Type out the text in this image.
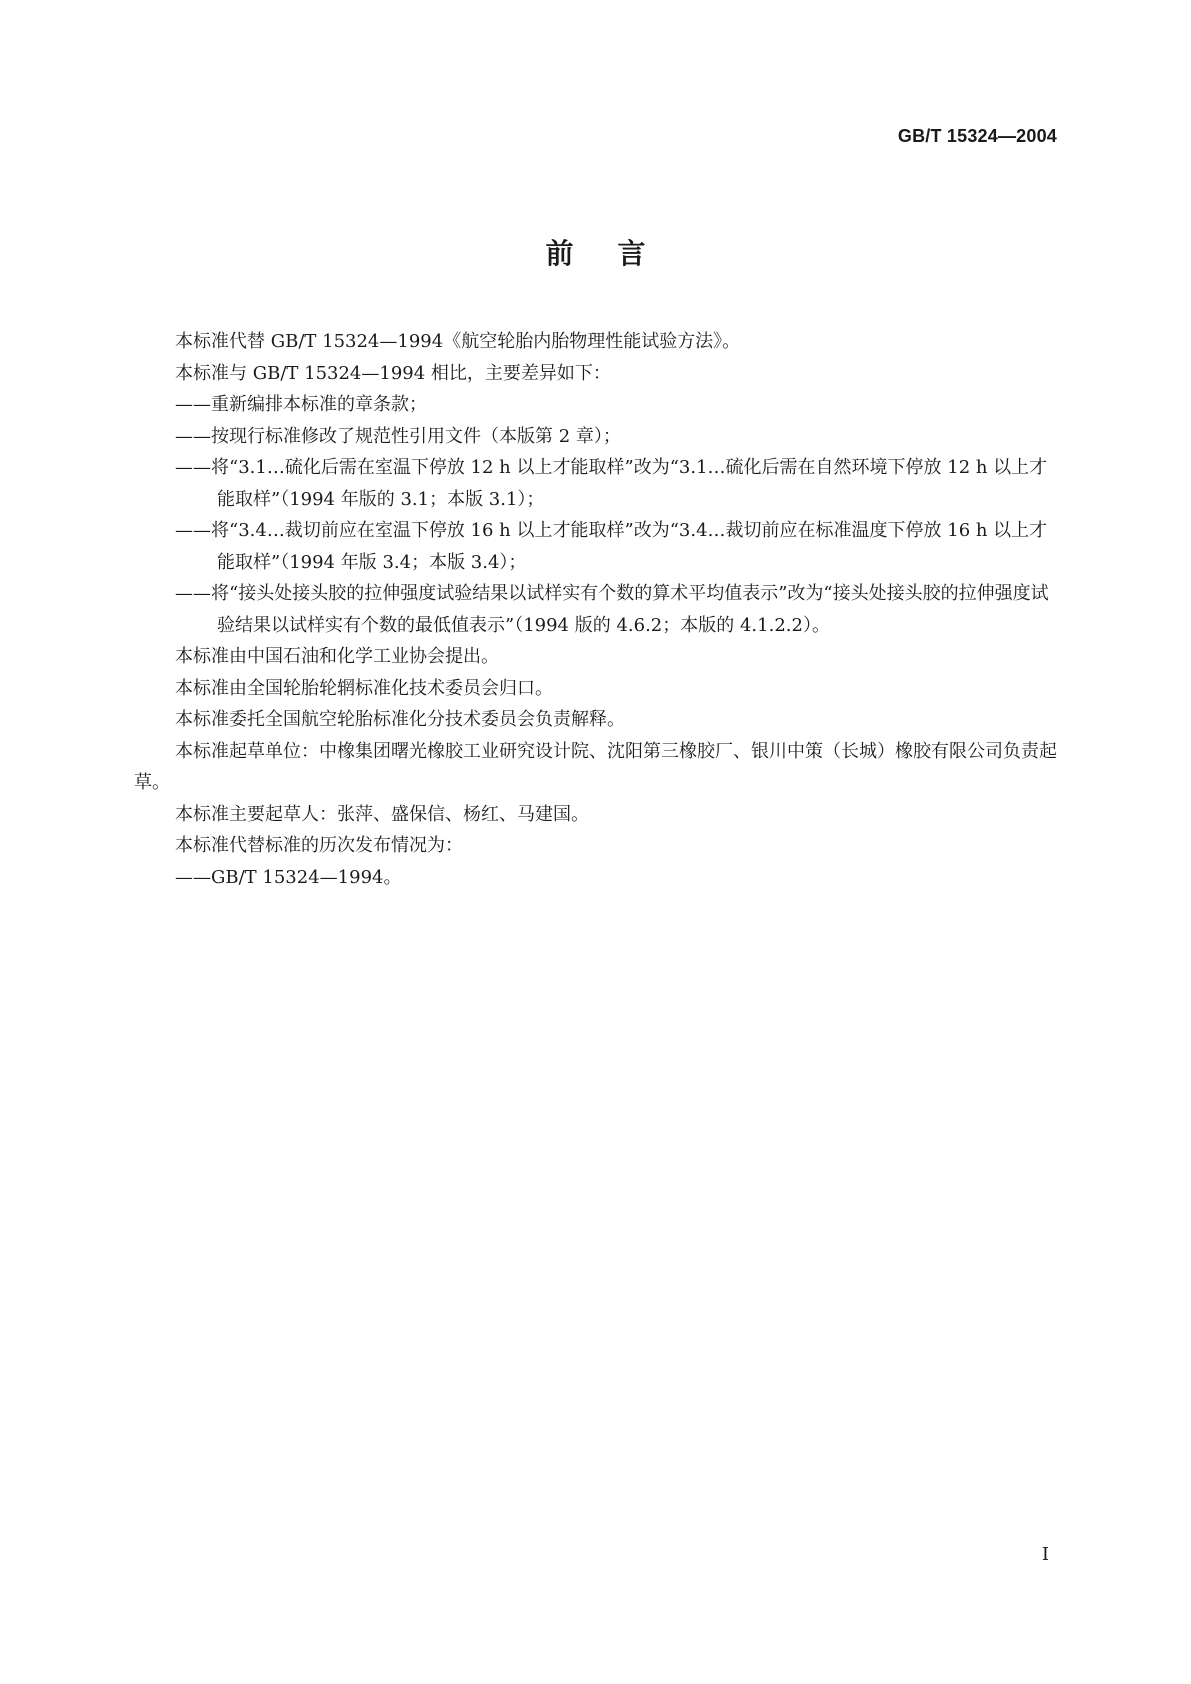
GB/T 15324—2004
前言

本标准代替 GB/T 15324—1994《航空轮胎内胎物理性能试验方法》。

本标准与 GB/T 15324—1994 相比，主要差异如下：

——重新编排本标准的章条款；

——按现行标准修改了规范性引用文件（本版第 2 章）；

——将“3.1…硫化后需在室温下停放 12 h 以上才能取样”改为“3.1…硫化后需在自然环境下停放 12 h 以上才能取样”（1994 年版的 3.1；本版 3.1）；

——将“3.4…裁切前应在室温下停放 16 h 以上才能取样”改为“3.4…裁切前应在标准温度下停放 16 h 以上才能取样”（1994 年版 3.4；本版 3.4）；

——将“接头处接头胶的拉伸强度试验结果以试样实有个数的算术平均值表示”改为“接头处接头胶的拉伸强度试验结果以试样实有个数的最低值表示”（1994 版的 4.6.2；本版的 4.1.2.2）。

本标准由中国石油和化学工业协会提出。

本标准由全国轮胎轮辋标准化技术委员会归口。

本标准委托全国航空轮胎标准化分技术委员会负责解释。

本标准起草单位：中橡集团曙光橡胶工业研究设计院、沈阳第三橡胶厂、银川中策（长城）橡胶有限公司负责起草。

本标准主要起草人：张萍、盛保信、杨红、马建国。

本标准代替标准的历次发布情况为：

——GB/T 15324—1994。

I
